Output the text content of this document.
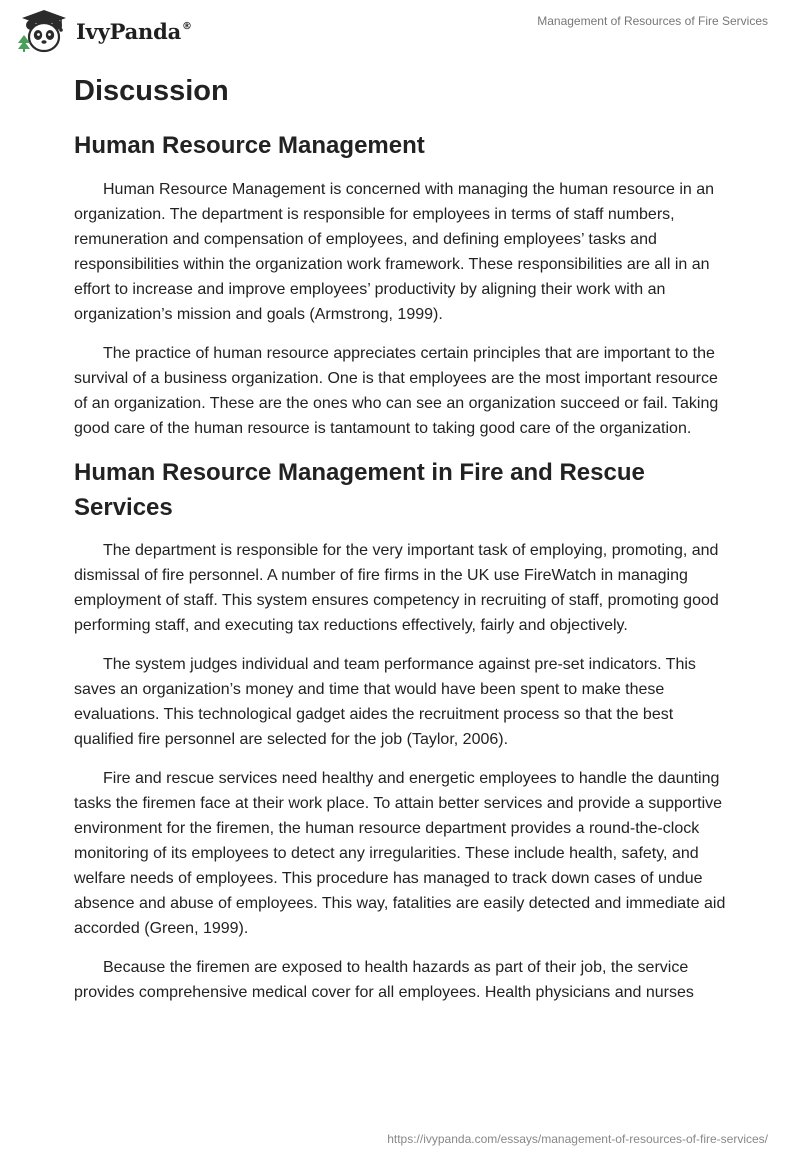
IvyPanda®	Management of Resources of Fire Services
Discussion
Human Resource Management

Human Resource Management is concerned with managing the human resource in an organization. The department is responsible for employees in terms of staff numbers, remuneration and compensation of employees, and defining employees’ tasks and responsibilities within the organization work framework. These responsibilities are all in an effort to increase and improve employees’ productivity by aligning their work with an organization’s mission and goals (Armstrong, 1999).

The practice of human resource appreciates certain principles that are important to the survival of a business organization. One is that employees are the most important resource of an organization. These are the ones who can see an organization succeed or fail. Taking good care of the human resource is tantamount to taking good care of the organization.

Human Resource Management in Fire and Rescue Services

The department is responsible for the very important task of employing, promoting, and dismissal of fire personnel. A number of fire firms in the UK use FireWatch in managing employment of staff. This system ensures competency in recruiting of staff, promoting good performing staff, and executing tax reductions effectively, fairly and objectively.

The system judges individual and team performance against pre-set indicators. This saves an organization’s money and time that would have been spent to make these evaluations. This technological gadget aides the recruitment process so that the best qualified fire personnel are selected for the job (Taylor, 2006).

Fire and rescue services need healthy and energetic employees to handle the daunting tasks the firemen face at their work place. To attain better services and provide a supportive environment for the firemen, the human resource department provides a round-the-clock monitoring of its employees to detect any irregularities. These include health, safety, and welfare needs of employees. This procedure has managed to track down cases of undue absence and abuse of employees. This way, fatalities are easily detected and immediate aid accorded (Green, 1999).

Because the firemen are exposed to health hazards as part of their job, the service provides comprehensive medical cover for all employees. Health physicians and nurses

https://ivypanda.com/essays/management-of-resources-of-fire-services/
